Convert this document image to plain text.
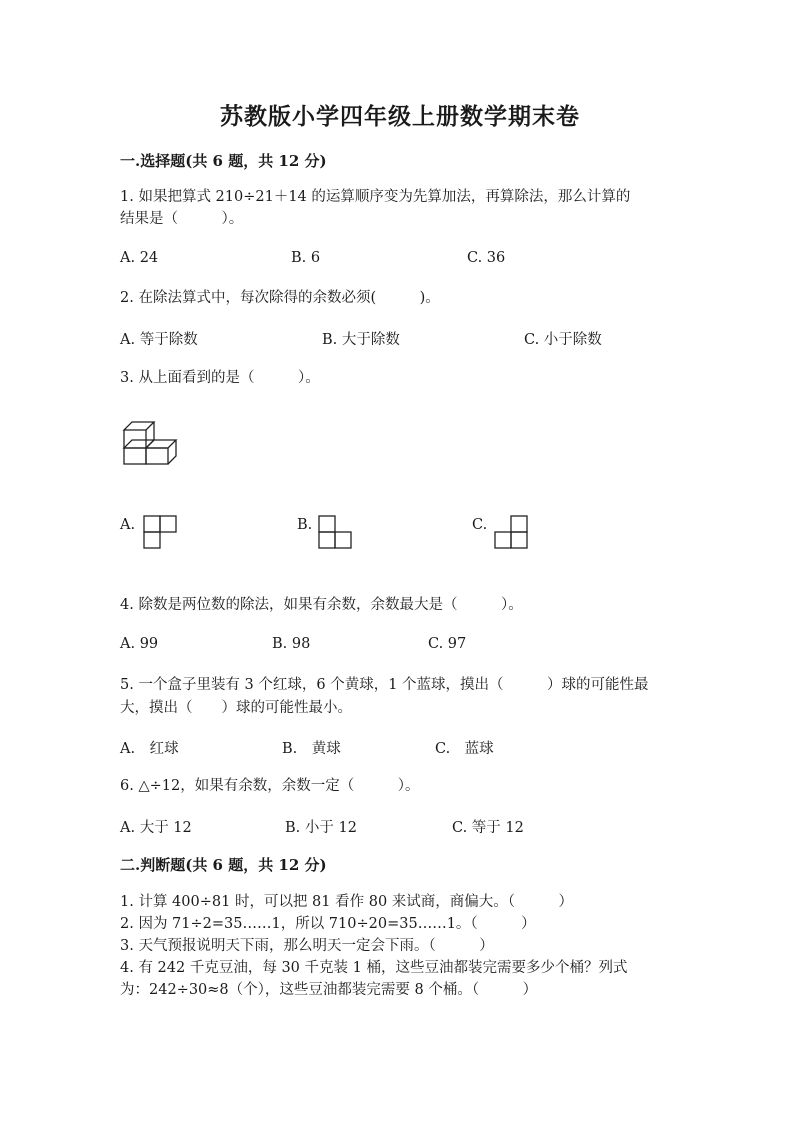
苏教版小学四年级上册数学期末卷
一.选择题(共 6 题，共 12 分)
1. 如果把算式 210÷21＋14 的运算顺序变为先算加法，再算除法，那么计算的
结果是（　　　）。
A. 24	B. 6	C. 36
2. 在除法算式中，每次除得的余数必须(　　　)。
A. 等于除数	B. 大于除数	C. 小于除数
3. 从上面看到的是（　　　）。
A.	B.	C.
4. 除数是两位数的除法，如果有余数，余数最大是（　　　）。
A. 99	B. 98	C. 97
5. 一个盒子里装有 3 个红球，6 个黄球，1 个蓝球，摸出（　　　）球的可能性最
大，摸出（　　）球的可能性最小。
A.　红球	B.　黄球	C.　蓝球
6. △÷12，如果有余数，余数一定（　　　）。
A. 大于 12	B. 小于 12	C. 等于 12
二.判断题(共 6 题，共 12 分)
1. 计算 400÷81 时，可以把 81 看作 80 来试商，商偏大。（　　　）
2. 因为 71÷2=35……1，所以 710÷20=35……1。（　　　）
3. 天气预报说明天下雨，那么明天一定会下雨。（　　　）
4. 有 242 千克豆油，每 30 千克装 1 桶，这些豆油都装完需要多少个桶？列式
为：242÷30≈8（个），这些豆油都装完需要 8 个桶。（　　　）
